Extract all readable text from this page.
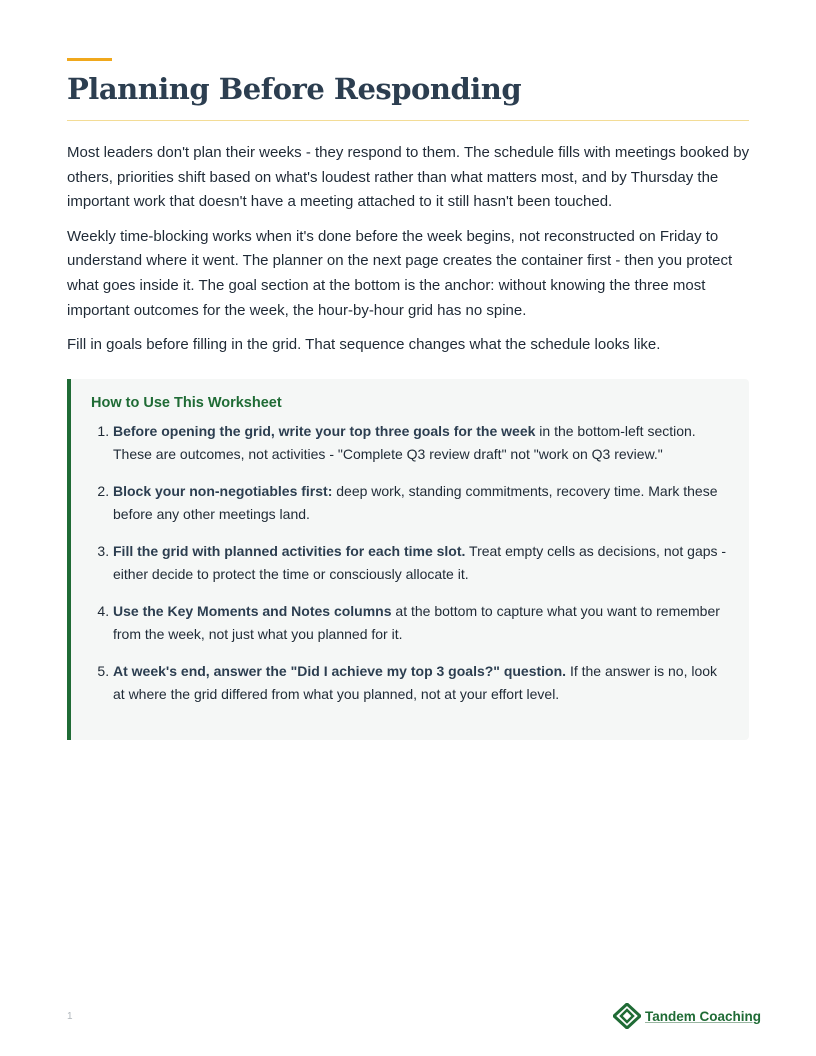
Planning Before Responding

Most leaders don't plan their weeks - they respond to them. The schedule fills with meetings booked by others, priorities shift based on what's loudest rather than what matters most, and by Thursday the important work that doesn't have a meeting attached to it still hasn't been touched.

Weekly time-blocking works when it's done before the week begins, not reconstructed on Friday to understand where it went. The planner on the next page creates the container first - then you protect what goes inside it. The goal section at the bottom is the anchor: without knowing the three most important outcomes for the week, the hour-by-hour grid has no spine.

Fill in goals before filling in the grid. That sequence changes what the schedule looks like.

How to Use This Worksheet
1. Before opening the grid, write your top three goals for the week in the bottom-left section. These are outcomes, not activities - "Complete Q3 review draft" not "work on Q3 review."
2. Block your non-negotiables first: deep work, standing commitments, recovery time. Mark these before any other meetings land.
3. Fill the grid with planned activities for each time slot. Treat empty cells as decisions, not gaps - either decide to protect the time or consciously allocate it.
4. Use the Key Moments and Notes columns at the bottom to capture what you want to remember from the week, not just what you planned for it.
5. At week's end, answer the "Did I achieve my top 3 goals?" question. If the answer is no, look at where the grid differed from what you planned, not at your effort level.
1	Tandem Coaching
